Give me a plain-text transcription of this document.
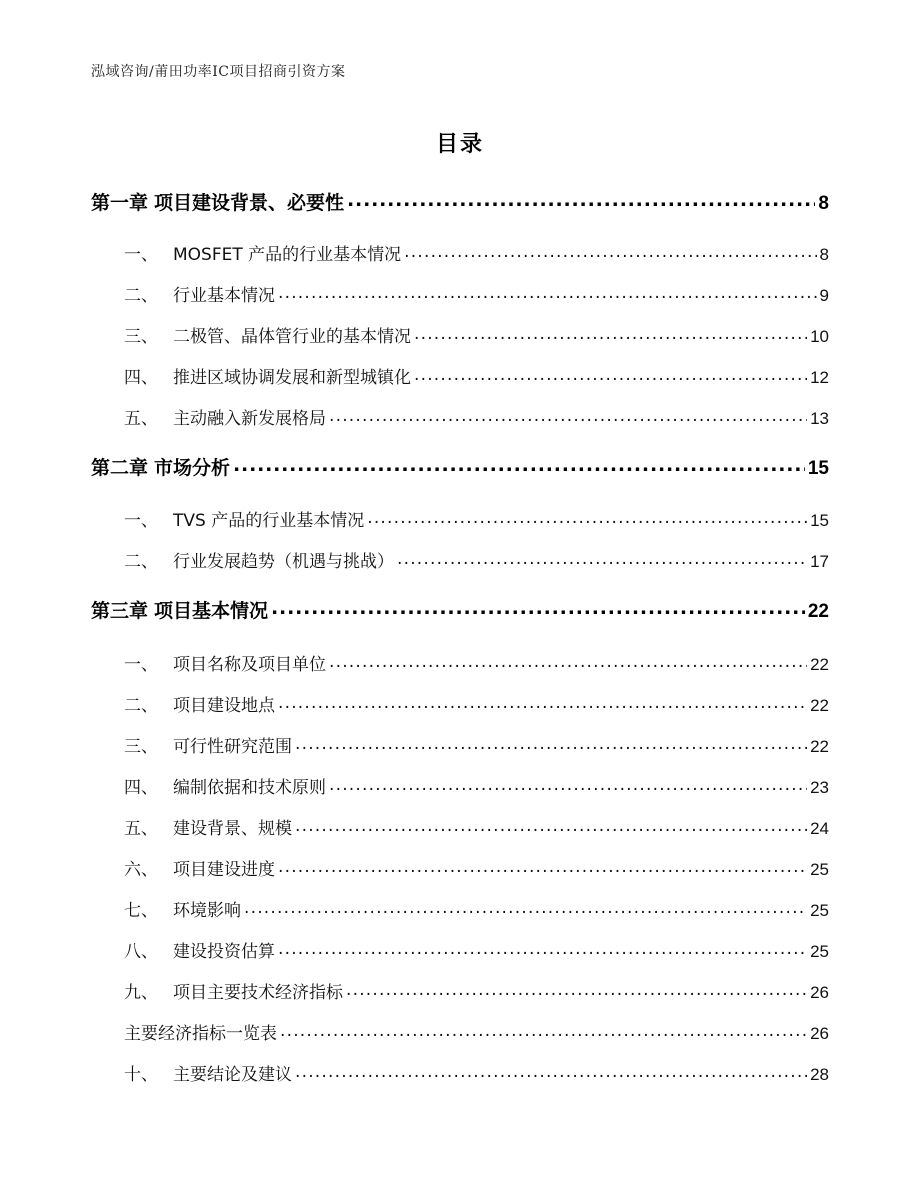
泓域咨询/莆田功率IC项目招商引资方案
目录
第一章 项目建设背景、必要性 .....	8
一、 MOSFET 产品的行业基本情况 .....	8
二、 行业基本情况 .....	9
三、 二极管、晶体管行业的基本情况 .....	10
四、 推进区域协调发展和新型城镇化 .....	12
五、 主动融入新发展格局 .....	13
第二章 市场分析 .....	15
一、 TVS 产品的行业基本情况 .....	15
二、 行业发展趋势（机遇与挑战） .....	17
第三章 项目基本情况 .....	22
一、 项目名称及项目单位 .....	22
二、 项目建设地点 .....	22
三、 可行性研究范围 .....	22
四、 编制依据和技术原则 .....	23
五、 建设背景、规模 .....	24
六、 项目建设进度 .....	25
七、 环境影响 .....	25
八、 建设投资估算 .....	25
九、 项目主要技术经济指标 .....	26
主要经济指标一览表 .....	26
十、 主要结论及建议 .....	28
